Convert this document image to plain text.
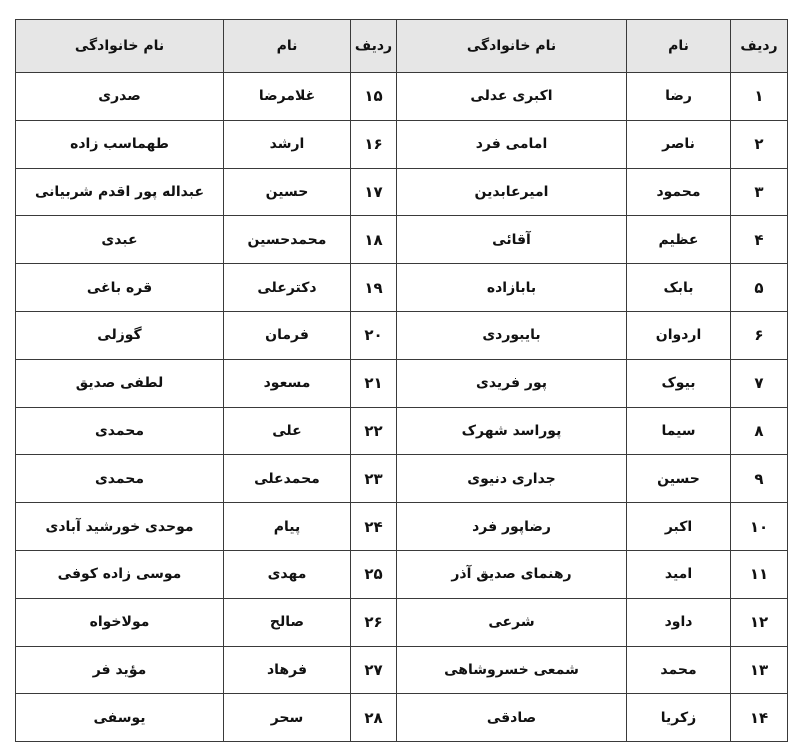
ردیف	نام	نام خانوادگی	ردیف	نام	نام خانوادگی
۱	رضا	اکبری عدلی	۱۵	غلامرضا	صدری
۲	ناصر	امامی فرد	۱۶	ارشد	طهماسب زاده
۳	محمود	امیرعابدین	۱۷	حسین	عبداله پور اقدم شربیانی
۴	عظیم	آقائی	۱۸	محمدحسین	عبدی
۵	بابک	بابازاده	۱۹	دکترعلی	قره باغی
۶	اردوان	بایبوردی	۲۰	فرمان	گوزلی
۷	بیوک	پور فریدی	۲۱	مسعود	لطفی صدیق
۸	سیما	پوراسد شهرک	۲۲	علی	محمدی
۹	حسین	جداری دنیوی	۲۳	محمدعلی	محمدی
۱۰	اکبر	رضاپور فرد	۲۴	پیام	موحدی خورشید آبادی
۱۱	امید	رهنمای صدیق آذر	۲۵	مهدی	موسی زاده کوفی
۱۲	داود	شرعی	۲۶	صالح	مولاخواه
۱۳	محمد	شمعی خسروشاهی	۲۷	فرهاد	مؤید فر
۱۴	زکریا	صادقی	۲۸	سحر	یوسفی
